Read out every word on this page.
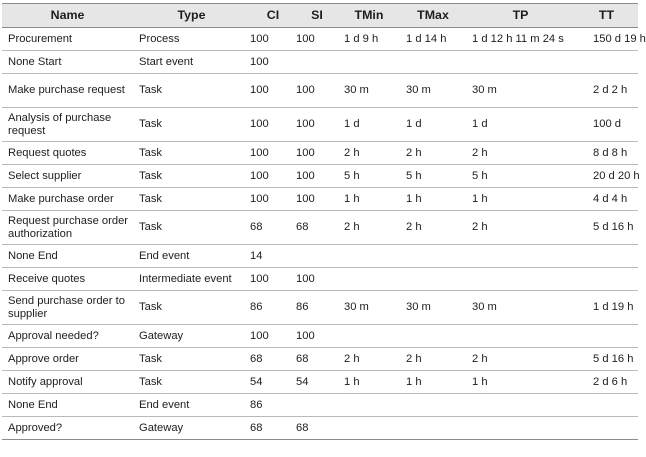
Name	Type	CI	SI	TMin	TMax	TP	TT
Procurement	Process	100	100	1 d 9 h	1 d 14 h	1 d 12 h 11 m 24 s	150 d 19 h
None Start	Start event	100					
Make purchase request	Task	100	100	30 m	30 m	30 m	2 d 2 h
Analysis of purchase request	Task	100	100	1 d	1 d	1 d	100 d
Request quotes	Task	100	100	2 h	2 h	2 h	8 d 8 h
Select supplier	Task	100	100	5 h	5 h	5 h	20 d 20 h
Make purchase order	Task	100	100	1 h	1 h	1 h	4 d 4 h
Request purchase order authorization	Task	68	68	2 h	2 h	2 h	5 d 16 h
None End	End event	14					
Receive quotes	Intermediate event	100	100				
Send purchase order to supplier	Task	86	86	30 m	30 m	30 m	1 d 19 h
Approval needed?	Gateway	100	100				
Approve order	Task	68	68	2 h	2 h	2 h	5 d 16 h
Notify approval	Task	54	54	1 h	1 h	1 h	2 d 6 h
None End	End event	86					
Approved?	Gateway	68	68				
